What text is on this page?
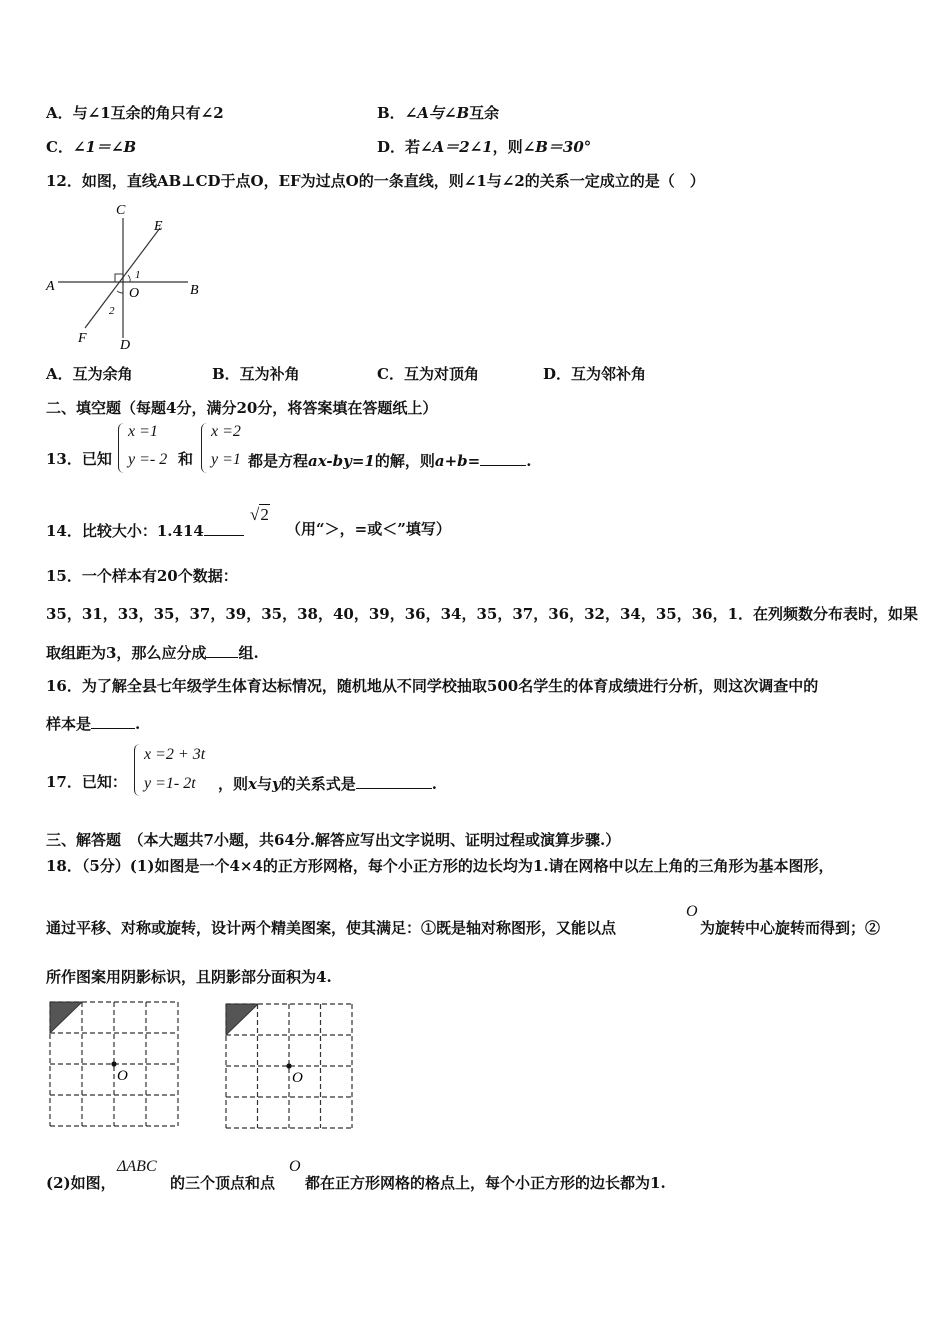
A．与∠1互余的角只有∠2	B．∠A与∠B互余
C．∠1＝∠B	D．若∠A＝2∠1，则∠B＝30°
12．如图，直线AB⊥CD于点O，EF为过点O的一条直线，则∠1与∠2的关系一定成立的是（　）
C
E
A	B
O
F D
1
2
A．互为余角	B．互为补角	C．互为对顶角	D．互为邻补角
二、填空题（每题4分，满分20分，将答案填在答题纸上）
13．已知
x =1
y =- 2 和
x =2
y =1 都是方程ax-by=1的解，则a+b=	.
14．比较大小：1.414
√2
（用“＞，=或＜”填写）
15．一个样本有20个数据：
35，31，33，35，37，39，35，38，40，39，36，34，35，37，36，32，34，35，36，1．在列频数分布表时，如果
取组距为3，那么应分成 组.
16．为了解全县七年级学生体育达标情况，随机地从不同学校抽取500名学生的体育成绩进行分析，则这次调查中的
样本是	.
17．已知：
x =2 + 3t
y =1- 2t ，则x与y的关系式是	.
三、解答题　（本大题共7小题，共64分.解答应写出文字说明、证明过程或演算步骤.）
18．（5分）(1)如图是一个4×4的正方形网格，每个小正方形的边长均为1.请在网格中以左上角的三角形为基本图形，
通过平移、对称或旋转，设计两个精美图案，使其满足：①既是轴对称图形，又能以点
O
为旋转中心旋转而得到；②
所作图案用阴影标识，且阴影部分面积为4.
O	O
(2)如图，
ΔABC
的三个顶点和点
O
都在正方形网格的格点上，每个小正方形的边长都为1.
